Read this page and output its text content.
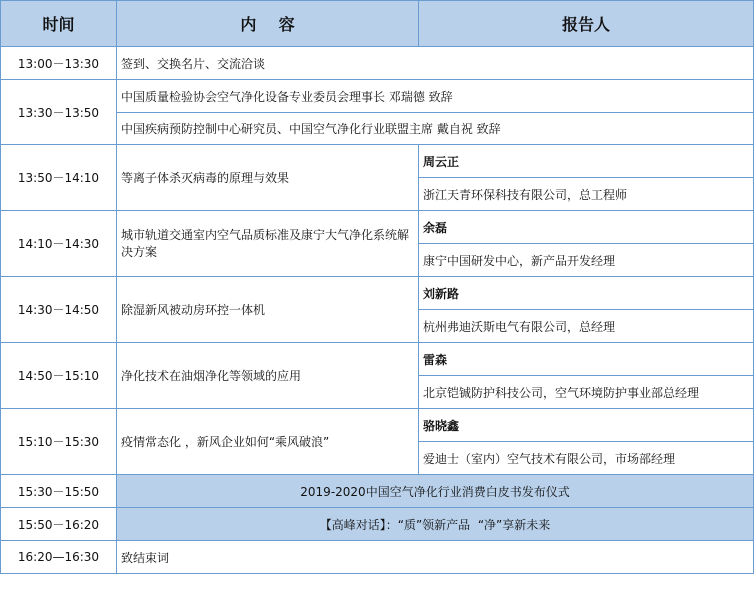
时间	内    容	报告人
13:00－13:30	签到、交换名片、交流洽谈	
13:30－13:50	中国质量检验协会空气净化设备专业委员会理事长 邓瑞德 致辞	
	中国疾病预防控制中心研究员、中国空气净化行业联盟主席 戴自祝 致辞	
13:50－14:10	等离子体杀灭病毒的原理与效果	周云正
		浙江天青环保科技有限公司，总工程师
14:10－14:30	城市轨道交通室内空气品质标准及康宁大气净化系统解决方案	余磊
		康宁中国研发中心，新产品开发经理
14:30－14:50	除湿新风被动房环控一体机	刘新路
		杭州弗迪沃斯电气有限公司，总经理
14:50－15:10	净化技术在油烟净化等领域的应用	雷森
		北京铠铖防护科技公司，空气环境防护事业部总经理
15:10－15:30	疫情常态化 ，新风企业如何“乘风破浪”	骆晓鑫
		爱迪士（室内）空气技术有限公司，市场部经理
15:30－15:50	2019-2020中国空气净化行业消费白皮书发布仪式	
15:50－16:20	【高峰对话】：“质”领新产品  “净”享新未来	
16:20—16:30	致结束词	
